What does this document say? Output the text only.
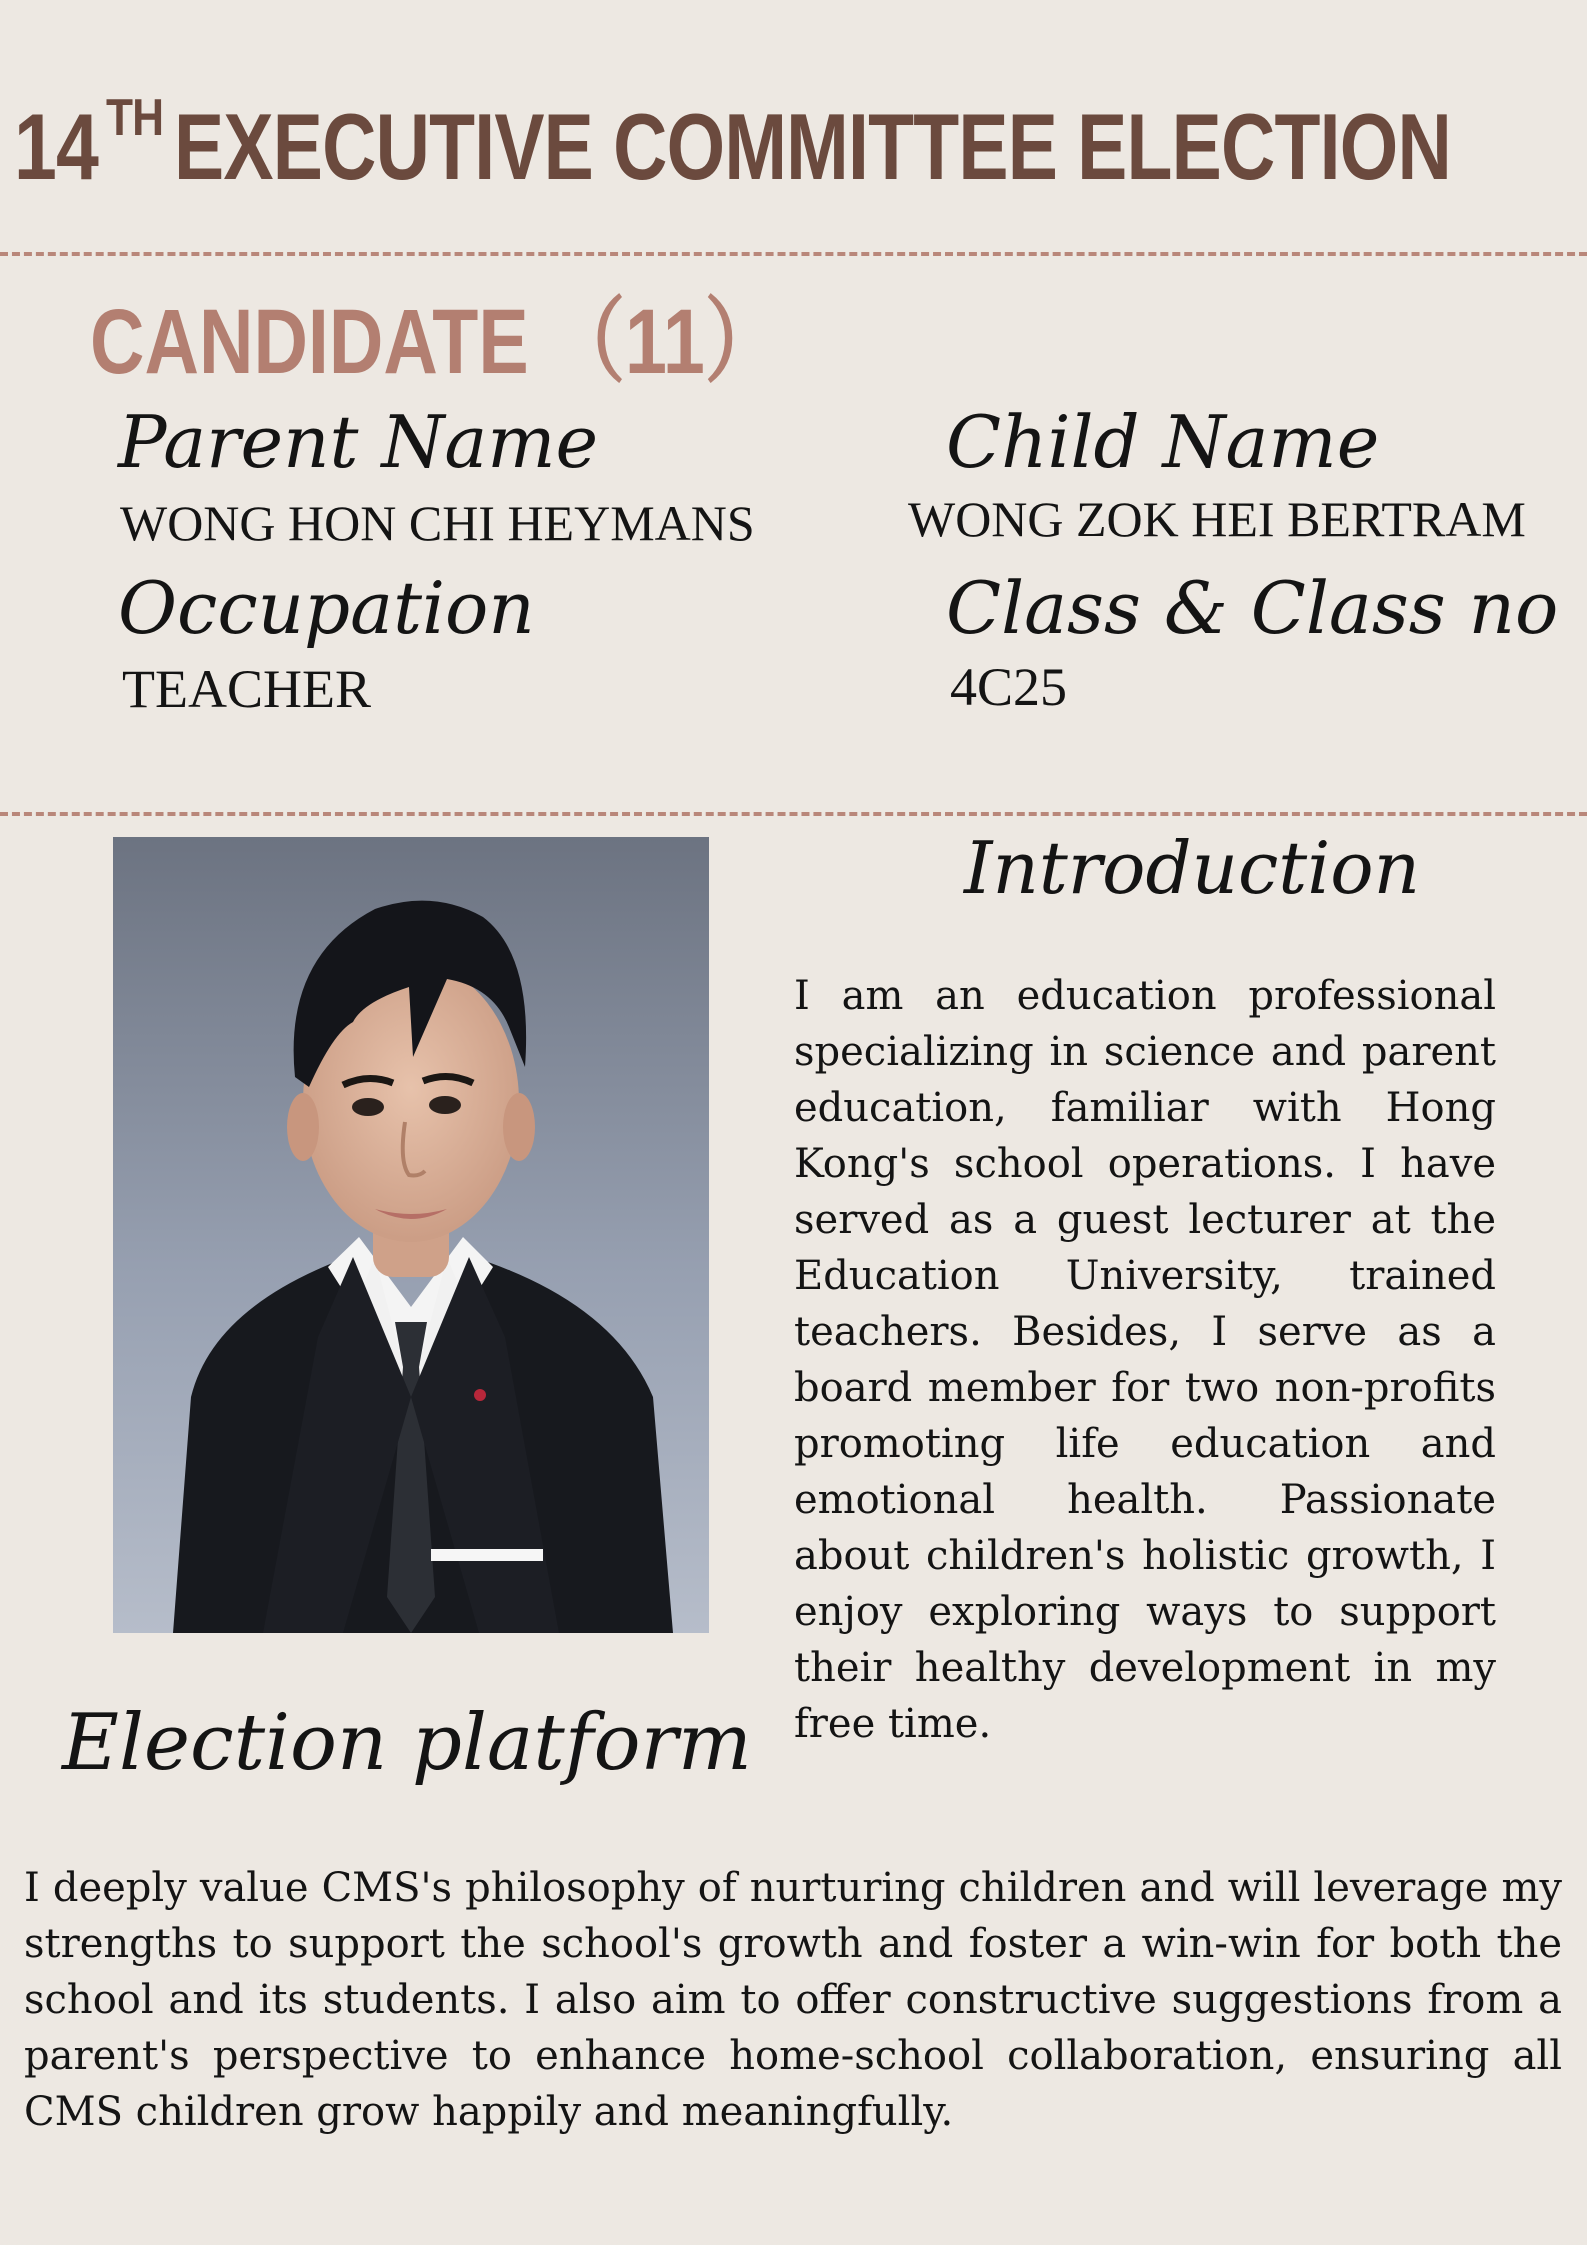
14 TH EXECUTIVE COMMITTEE ELECTION
CANDIDATE （11）
Parent Name
WONG HON CHI HEYMANS
Child Name
WONG ZOK HEI BERTRAM
Occupation
TEACHER
Class & Class no
4C25
Introduction
I am an education professional specializing in science and parent education, familiar with Hong Kong's school operations. I have served as a guest lecturer at the Education University, trained teachers. Besides, I serve as a board member for two non-profits promoting life education and emotional health. Passionate about children's holistic growth, I enjoy exploring ways to support their healthy development in my free time.
Election platform
I deeply value CMS's philosophy of nurturing children and will leverage my strengths to support the school's growth and foster a win-win for both the school and its students. I also aim to offer constructive suggestions from a parent's perspective to enhance home-school collaboration, ensuring all CMS children grow happily and meaningfully.
